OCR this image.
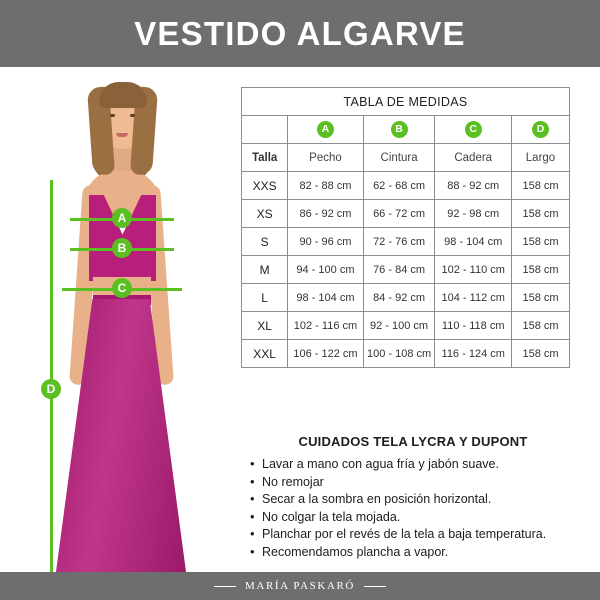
VESTIDO ALGARVE
A
B
C
D
TABLA DE MEDIDAS				
	A	B	C	D
Talla	Pecho	Cintura	Cadera	Largo
XXS	82 - 88 cm	62 - 68 cm	88 - 92 cm	158 cm
XS	86 - 92 cm	66 - 72 cm	92 - 98 cm	158 cm
S	90 - 96 cm	72 - 76 cm	98 - 104 cm	158 cm
M	94 - 100 cm	76 - 84 cm	102 - 110 cm	158 cm
L	98 - 104 cm	84 - 92 cm	104 - 112 cm	158 cm
XL	102 - 116 cm	92 - 100 cm	110 - 118 cm	158 cm
XXL	106 - 122 cm	100 - 108 cm	116 - 124 cm	158 cm
CUIDADOS TELA LYCRA Y DUPONT
• Lavar a mano con agua fría y jabón suave.
• No remojar
• Secar a la sombra en posición horizontal.
• No colgar la tela mojada.
• Planchar por el revés de la tela a baja temperatura.
• Recomendamos plancha a vapor.
MARÍA PASKARÓ
